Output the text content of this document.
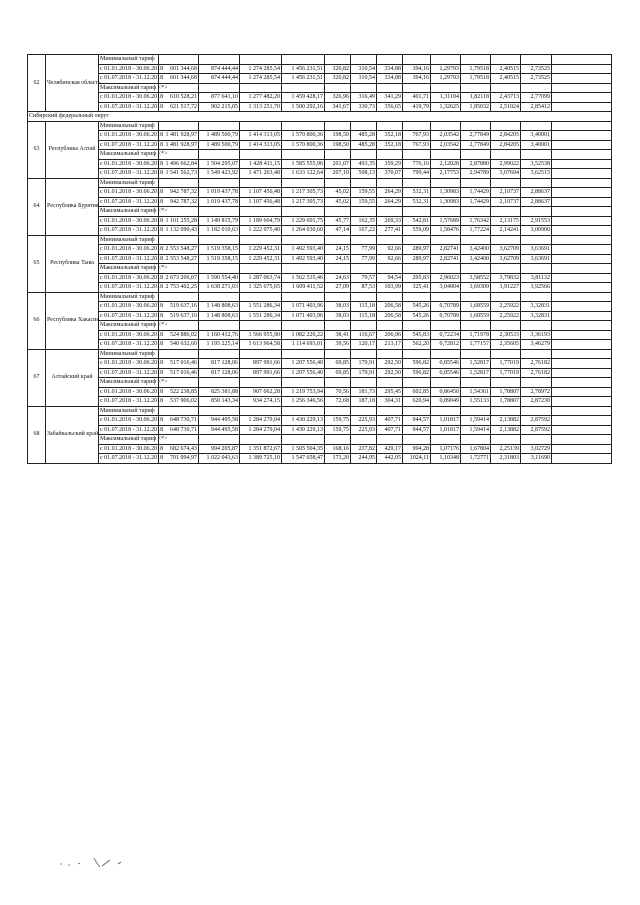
62	Челябинская область	Минимальный тариф													
		с 01.01.2018 - 30.06.2018	601 344,68	874 444,44	1 274 285,54	1 456 231,51	320,82	310,54	334,88	394,16	1,29793	1,79518	2,40515	2,73525	
		с 01.07.2018 - 31.12.2018	601 344,68	874 444,44	1 274 285,54	1 456 231,51	320,82	310,54	334,88	394,16	1,29793	1,79518	2,40515	2,73525	
		Максимальный тариф <*>													
		с 01.01.2018 - 30.06.2018	610 528,21	877 641,10	1 277 482,20	1 459 428,17	326,96	316,49	341,29	401,71	1,31104	1,82118	2,43713	2,77099	
		с 01.07.2018 - 31.12.2018	621 517,72	902 215,05	1 313 251,70	1 500 292,16	341,67	330,73	356,65	419,79	1,32625	1,85032	2,51024	2,85412	
Сибирский федеральный округ															
63	Республика Алтай	Минимальный тариф													
		с 01.01.2018 - 30.06.2018	1 481 928,97	1 489 500,79	1 414 313,05	1 570 800,36	198,50	485,28	352,18	767,93	2,03542	2,77849	2,84205	3,40001	
		с 01.07.2018 - 31.12.2018	1 481 928,97	1 489 500,79	1 414 313,05	1 570 800,36	198,50	485,28	352,18	767,93	2,03542	2,77849	2,84205	3,40001	
		Максимальный тариф <*>													
		с 01.01.2018 - 30.06.2018	1 496 662,84	1 504 295,07	1 428 411,15	1 585 555,96	201,07	493,35	359,29	776,16	2,12028	2,87880	2,99022	3,52538	
		с 01.07.2018 - 31.12.2018	1 541 562,73	1 549 423,92	1 471 263,48	1 633 122,64	207,10	508,13	370,07	799,44	2,17753	2,94789	3,07694	3,62515	
64	Республика Бурятия	Минимальный тариф													
		с 01.01.2018 - 30.06.2018	942 787,32	1 019 437,78	1 107 456,48	1 217 305,73	45,02	159,55	264,29	532,31	1,30983	1,74429	2,10737	2,88637	
		с 01.07.2018 - 31.12.2018	942 787,32	1 019 437,78	1 107 456,48	1 217 305,73	45,02	159,55	264,29	532,31	1,30983	1,74429	2,10737	2,88637	
		Максимальный тариф <*>													
		с 01.01.2018 - 30.06.2018	1 101 255,28	1 149 815,79	1 189 664,79	1 229 601,75	45,77	162,35	269,33	542,81	1,57689	1,76342	2,13175	2,91553	
		с 01.07.2018 - 31.12.2018	1 132 090,43	1 182 010,63	1 222 975,40	1 264 030,60	47,14	167,22	277,41	559,09	1,58476	1,77224	2,14241	3,00900	
65	Республика Тыва	Минимальный тариф													
		с 01.01.2018 - 30.06.2018	2 553 548,27	1 519 358,15	1 229 452,31	1 492 593,40	24,15	77,99	92,66	289,97	2,82741	3,42400	3,62709	3,63691	
		с 01.07.2018 - 31.12.2018	2 553 548,27	1 519 358,15	1 229 452,31	1 492 593,40	24,15	77,99	92,66	289,97	2,82741	3,42400	3,62709	3,63691	
		Максимальный тариф <*>													
		с 01.01.2018 - 30.06.2018	2 673 206,07	1 590 554,40	1 287 063,74	1 562 535,46	24,63	79,57	94,54	295,83	2,96023	3,58552	3,79832	3,81132	
		с 01.07.2018 - 31.12.2018	2 753 402,25	1 638 271,03	1 325 675,65	1 609 411,52	27,09	87,53	103,99	325,41	3,04904	3,69309	3,91227	3,92566	
66	Республика Хакасия	Минимальный тариф													
		с 01.01.2018 - 30.06.2018	519 637,16	1 148 808,63	1 551 286,34	1 071 403,96	38,03	115,18	206,58	545,26	0,70789	1,68559	2,25922	3,32831	
		с 01.07.2018 - 31.12.2018	519 637,16	1 148 808,63	1 551 286,34	1 071 403,96	38,03	115,18	206,58	545,26	0,70789	1,68559	2,25922	3,32831	
		Максимальный тариф <*>													
		с 01.01.2018 - 30.06.2018	524 886,02	1 160 412,76	1 566 955,90	1 082 226,22	38,41	116,67	206,96	545,83	0,72234	1,71978	2,30533	3,36193	
		с 01.07.2018 - 31.12.2018	540 632,60	1 195 225,14	1 613 964,58	1 114 693,01	39,56	120,17	213,17	562,20	0,72812	1,77157	2,35605	3,46279	
67	Алтайский край	Минимальный тариф													
		с 01.01.2018 - 30.06.2018	517 016,46	817 128,06	897 991,66	1 207 556,40	69,85	179,91	292,50	596,82	0,85546	1,52817	1,77019	2,76182	
		с 01.07.2018 - 31.12.2018	517 016,46	817 128,06	897 991,66	1 207 556,40	69,85	179,91	292,50	596,82	0,85546	1,52817	1,77019	2,76182	
		Максимальный тариф <*>													
		с 01.01.2018 - 30.06.2018	522 238,85	825 381,88	907 062,28	1 219 753,94	70,56	181,73	295,45	602,85	0,86450	1,54361	1,78807	2,78972	
		с 01.07.2018 - 31.12.2018	537 906,02	850 143,34	934 274,15	1 256 346,56	72,68	187,18	304,31	620,94	0,89049	1,55133	1,78807	2,87230	
68	Забайкальский край	Минимальный тариф													
		с 01.01.2018 - 30.06.2018	648 730,71	944 495,58	1 284 279,04	1 430 229,13	159,75	225,93	407,71	944,57	1,01817	1,59414	2,13882	2,87592	
		с 01.07.2018 - 31.12.2018	648 730,71	944 495,58	1 284 279,04	1 430 229,13	159,75	225,93	407,71	944,57	1,01817	1,59414	2,13882	2,87592	
		Максимальный тариф <*>													
		с 01.01.2018 - 30.06.2018	682 674,43	994 205,87	1 351 872,67	1 505 504,35	168,16	237,82	429,17	994,28	1,07176	1,67804	2,25139	3,02729	
		с 01.07.2018 - 31.12.2018	701 994,97	1 022 043,63	1 389 725,10	1 547 658,47	173,20	244,95	442,05	1024,11	1,10348	1,72771	2,31803	3,11690	
